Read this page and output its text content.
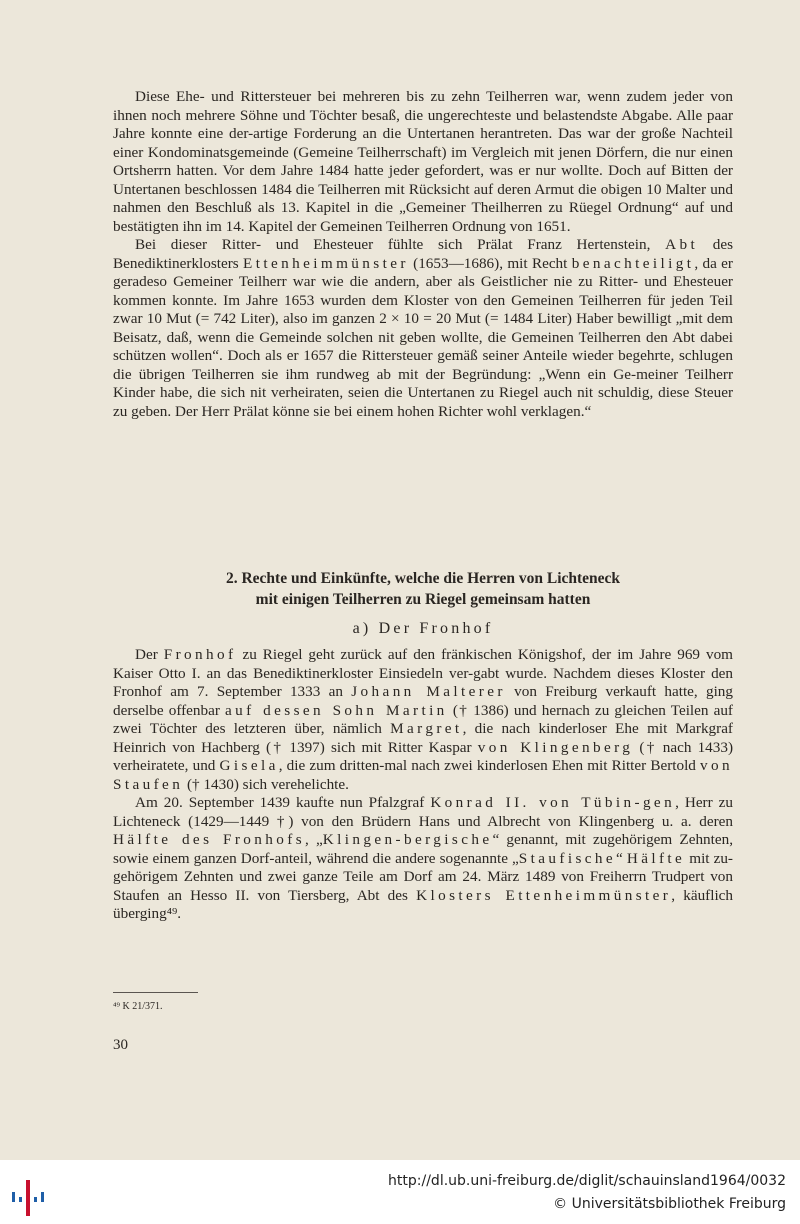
Diese Ehe- und Rittersteuer bei mehreren bis zu zehn Teilherren war, wenn zudem jeder von ihnen noch mehrere Söhne und Töchter besaß, die ungerechteste und belastendste Abgabe. Alle paar Jahre konnte eine der-artige Forderung an die Untertanen herantreten. Das war der große Nachteil einer Kondominatsgemeinde (Gemeine Teilherrschaft) im Vergleich mit jenen Dörfern, die nur einen Ortsherrn hatten. Vor dem Jahre 1484 hatte jeder gefordert, was er nur wollte. Doch auf Bitten der Untertanen beschlossen 1484 die Teilherren mit Rücksicht auf deren Armut die obigen 10 Malter und nahmen den Beschluß als 13. Kapitel in die „Gemeiner Theilherren zu Rüegel Ordnung“ auf und bestätigten ihn im 14. Kapitel der Gemeinen Teilherren Ordnung von 1651.

Bei dieser Ritter- und Ehesteuer fühlte sich Prälat Franz Hertenstein, Abt des Benediktinerklosters Ettenheimmünster (1653—1686), mit Recht benachteiligt, da er geradeso Gemeiner Teilherr war wie die andern, aber als Geistlicher nie zu Ritter- und Ehesteuer kommen konnte. Im Jahre 1653 wurden dem Kloster von den Gemeinen Teilherren für jeden Teil zwar 10 Mut (= 742 Liter), also im ganzen 2 × 10 = 20 Mut (= 1484 Liter) Haber bewilligt „mit dem Beisatz, daß, wenn die Gemeinde solchen nit geben wollte, die Gemeinen Teilherren den Abt dabei schützen wollen“. Doch als er 1657 die Rittersteuer gemäß seiner Anteile wieder begehrte, schlugen die übrigen Teilherren sie ihm rundweg ab mit der Begründung: „Wenn ein Ge-meiner Teilherr Kinder habe, die sich nit verheiraten, seien die Untertanen zu Riegel auch nit schuldig, diese Steuer zu geben. Der Herr Prälat könne sie bei einem hohen Richter wohl verklagen.“

2. Rechte und Einkünfte, welche die Herren von Lichteneck
mit einigen Teilherren zu Riegel gemeinsam hatten
a) Der Fronhof

Der Fronhof zu Riegel geht zurück auf den fränkischen Königshof, der im Jahre 969 vom Kaiser Otto I. an das Benediktinerkloster Einsiedeln ver-gabt wurde. Nachdem dieses Kloster den Fronhof am 7. September 1333 an Johann Malterer von Freiburg verkauft hatte, ging derselbe offenbar auf dessen Sohn Martin († 1386) und hernach zu gleichen Teilen auf zwei Töchter des letzteren über, nämlich Margret, die nach kinderloser Ehe mit Markgraf Heinrich von Hachberg († 1397) sich mit Ritter Kaspar von Klingenberg († nach 1433) verheiratete, und Gisela, die zum dritten-mal nach zwei kinderlosen Ehen mit Ritter Bertold von Staufen († 1430) sich verehelichte.

Am 20. September 1439 kaufte nun Pfalzgraf Konrad II. von Tübin-gen, Herr zu Lichteneck (1429—1449 †) von den Brüdern Hans und Albrecht von Klingenberg u. a. deren Hälfte des Fronhofs, „Klingen-bergische“ genannt, mit zugehörigem Zehnten, sowie einem ganzen Dorf-anteil, während die andere sogenannte „Staufische“ Hälfte mit zu-gehörigem Zehnten und zwei ganze Teile am Dorf am 24. März 1489 von Freiherrn Trudpert von Staufen an Hesso II. von Tiersberg, Abt des Klosters Ettenheimmünster, käuflich überging⁴⁹.

⁴⁹ K 21/371.
30
http://dl.ub.uni-freiburg.de/diglit/schauinsland1964/0032
© Universitätsbibliothek Freiburg
